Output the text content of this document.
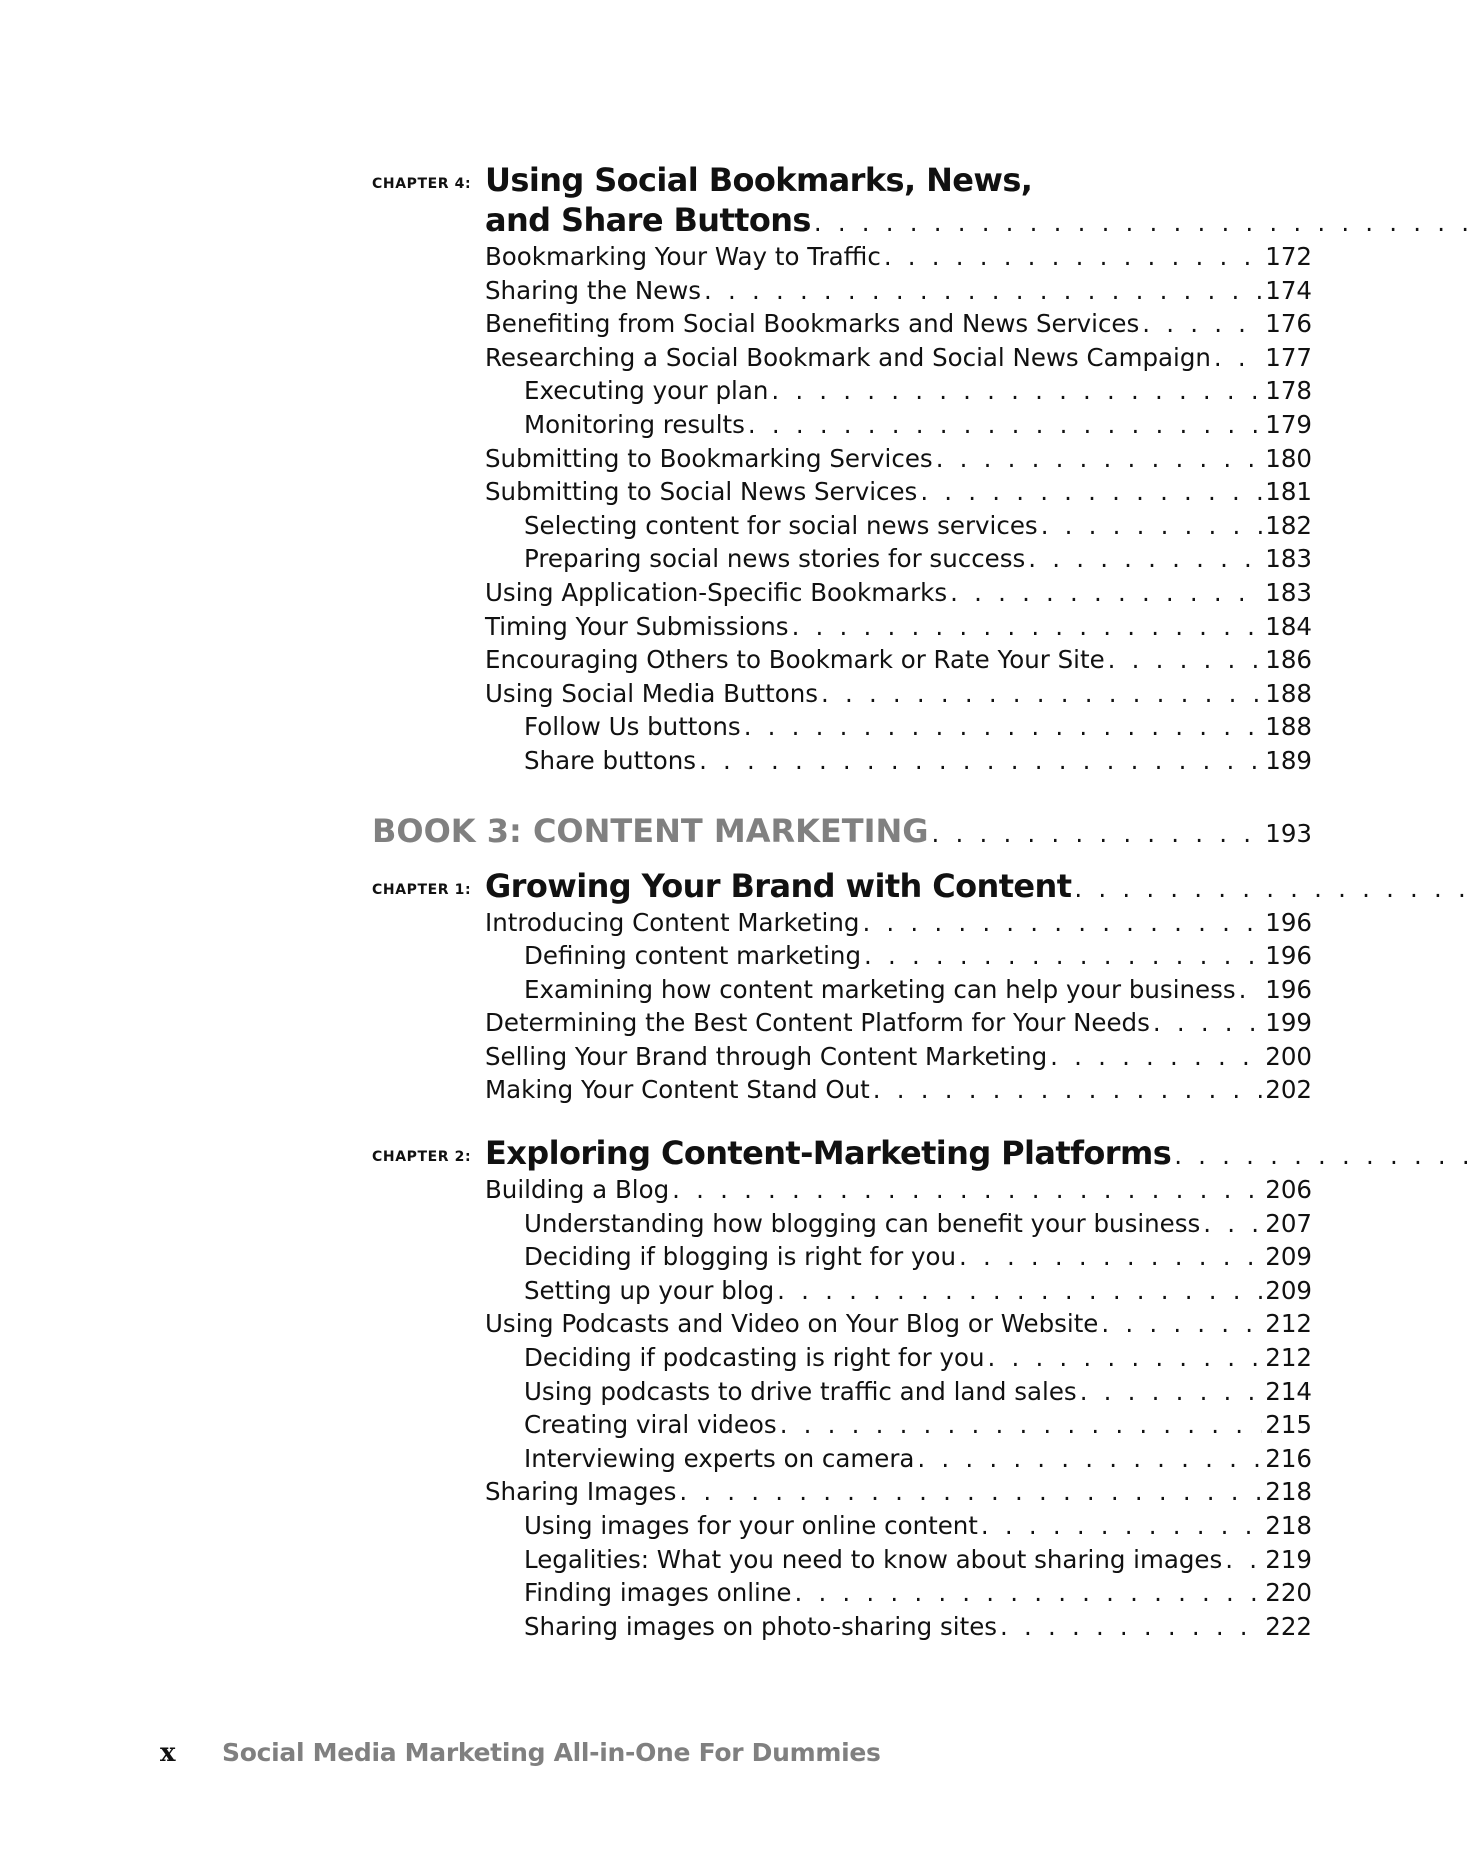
CHAPTER 4: Using Social Bookmarks, News,
and Share Buttons
. . .
Bookmarking Your Way to Traffic . . .	172
Sharing the News . . .	174
Benefiting from Social Bookmarks and News Services . . .	176
Researching a Social Bookmark and Social News Campaign . . . 177
Executing your plan . . .	178
Monitoring results . . .	179
Submitting to Bookmarking Services . . .	180
Submitting to Social News Services . . .	181
Selecting content for social news services . . .	182
Preparing social news stories for success . . .	183
Using Application-Specific Bookmarks . . .	183
Timing Your Submissions . . .	184
Encouraging Others to Bookmark or Rate Your Site . . .	186
Using Social Media Buttons . . .	188
Follow Us buttons . . .	188
Share buttons . . .	189
BOOK 3: CONTENT MARKETING . . .	193
CHAPTER 1: Growing Your Brand with Content
. . .
Introducing Content Marketing . . .	196
Defining content marketing . . .	196
Examining how content marketing can help your business . . . 196
Determining the Best Content Platform for Your Needs . . .	199
Selling Your Brand through Content Marketing . . .	200
Making Your Content Stand Out . . .	202
CHAPTER 2: Exploring Content-Marketing Platforms
. . .
Building a Blog . . .	206
Understanding how blogging can benefit your business . . .	207
Deciding if blogging is right for you . . .	209
Setting up your blog . . .	209
Using Podcasts and Video on Your Blog or Website . . .	212
Deciding if podcasting is right for you . . .	212
Using podcasts to drive traffic and land sales . . .	214
Creating viral videos . . .	215
Interviewing experts on camera . . .	216
Sharing Images . . .	218
Using images for your online content . . .	218
Legalities: What you need to know about sharing images . . . 219
Finding images online . . .	220
Sharing images on photo-sharing sites . . .	222
x Social Media Marketing All-in-One For Dummies
